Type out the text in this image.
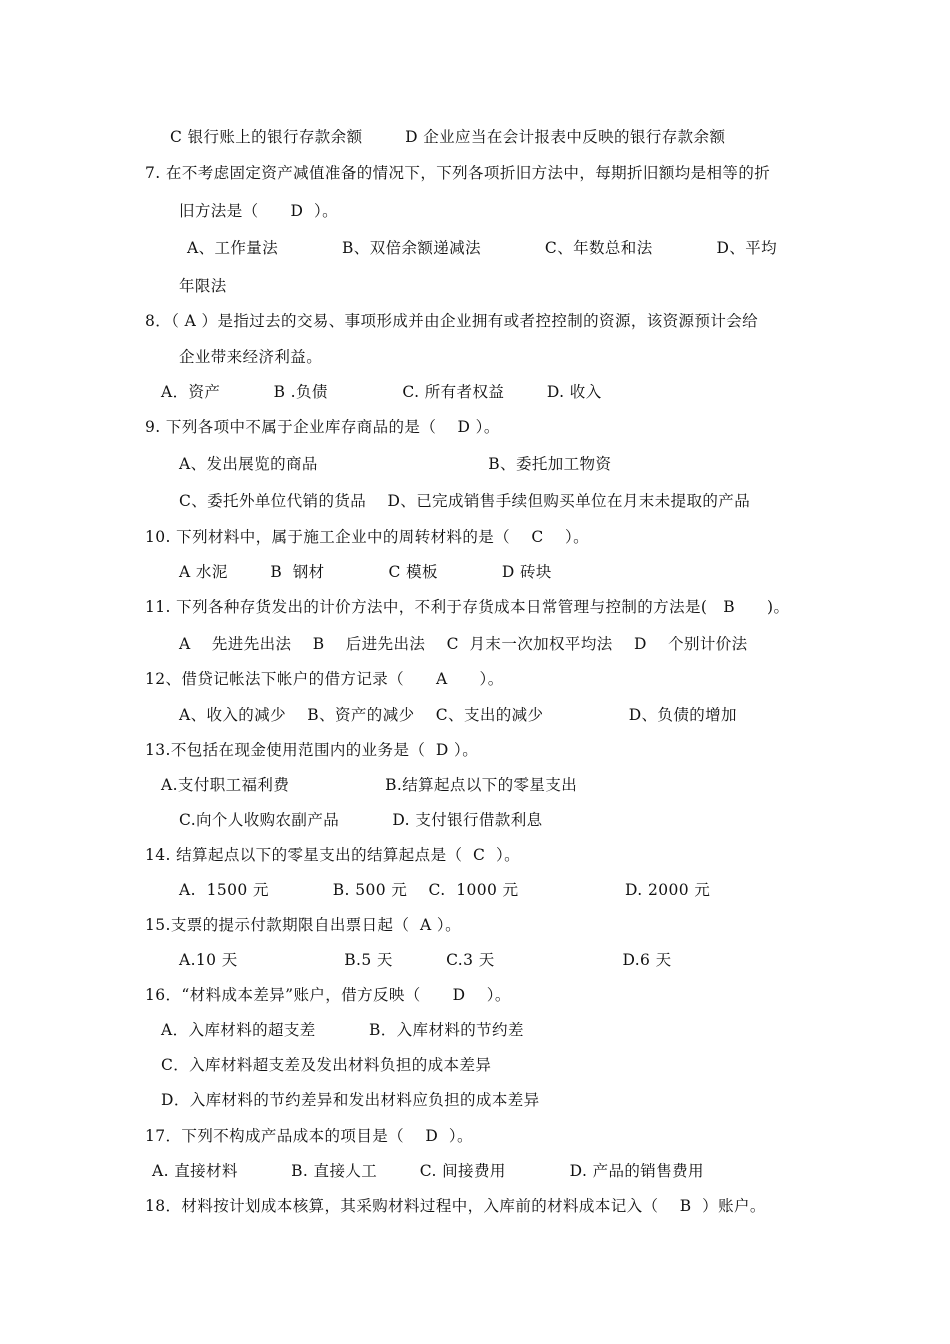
C 银行账上的银行存款余额        D 企业应当在会计报表中反映的银行存款余额
7. 在不考虑固定资产减值准备的情况下，下列各项折旧方法中，每期折旧额均是相等的折
旧方法是（      D  ）。
A、工作量法            B、双倍余额递减法            C、年数总和法            D、平均
年限法
8．（ A ）是指过去的交易、事项形成并由企业拥有或者控控制的资源，该资源预计会给
企业带来经济利益。
A．资产          B .负债              C. 所有者权益        D. 收入
9. 下列各项中不属于企业库存商品的是（    D ）。
A、发出展览的商品                                B、委托加工物资
C、委托外单位代销的货品    D、已完成销售手续但购买单位在月末未提取的产品
10. 下列材料中，属于施工企业中的周转材料的是（    C    ）。
A 水泥        B  钢材            C 模板            D 砖块
11. 下列各种存货发出的计价方法中，不利于存货成本日常管理与控制的方法是(   B      )。
A    先进先出法    B    后进先出法    C  月末一次加权平均法    D    个别计价法
12、借贷记帐法下帐户的借方记录（      A      ）。
A、收入的减少    B、资产的减少    C、支出的减少                D、负债的增加
13.不包括在现金使用范围内的业务是（  D ）。
A.支付职工福利费                  B.结算起点以下的零星支出
C.向个人收购农副产品          D. 支付银行借款利息
14. 结算起点以下的零星支出的结算起点是（  C  ）。
A.  1500 元            B. 500 元    C.  1000 元                    D. 2000 元
15.支票的提示付款期限自出票日起（  A ）。
A.10 天                    B.5 天          C.3 天                        D.6 天
16．“材料成本差异”账户，借方反映（      D    ）。
A．入库材料的超支差          B．入库材料的节约差
C．入库材料超支差及发出材料负担的成本差异
D．入库材料的节约差异和发出材料应负担的成本差异
17．下列不构成产品成本的项目是（    D  ）。
A. 直接材料          B. 直接人工        C. 间接费用            D. 产品的销售费用
18．材料按计划成本核算，其采购材料过程中，入库前的材料成本记入（    B  ）账户。
